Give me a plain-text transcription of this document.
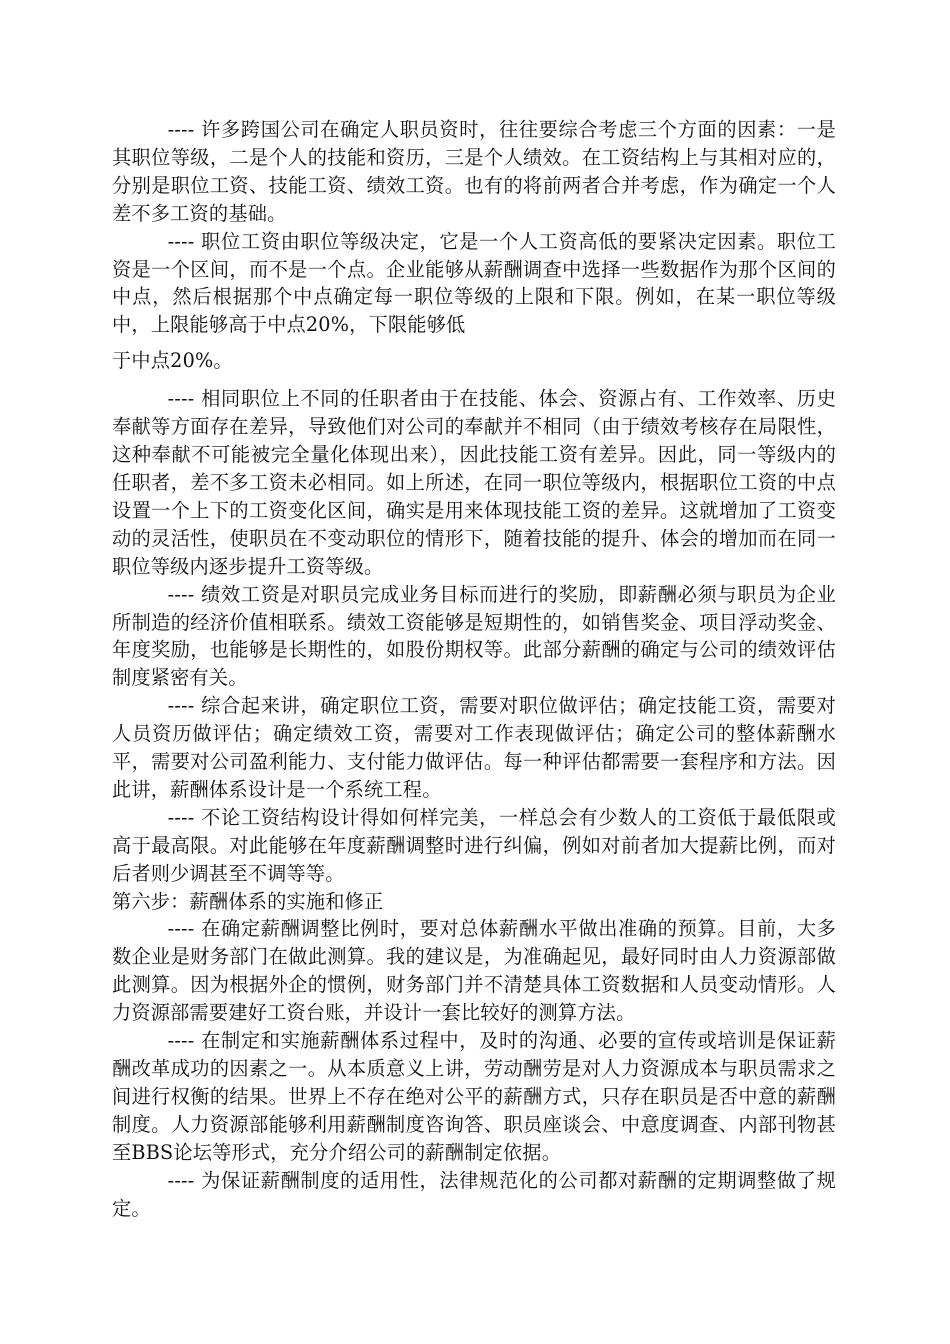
---- 许多跨国公司在确定人职员资时，往往要综合考虑三个方面的因素：一是其职位等级，二是个人的技能和资历，三是个人绩效。在工资结构上与其相对应的，分别是职位工资、技能工资、绩效工资。也有的将前两者合并考虑，作为确定一个人差不多工资的基础。

---- 职位工资由职位等级决定，它是一个人工资高低的要紧决定因素。职位工资是一个区间，而不是一个点。企业能够从薪酬调查中选择一些数据作为那个区间的中点，然后根据那个中点确定每一职位等级的上限和下限。例如，在某一职位等级中，上限能够高于中点20%，下限能够低

于中点20%。

---- 相同职位上不同的任职者由于在技能、体会、资源占有、工作效率、历史奉献等方面存在差异，导致他们对公司的奉献并不相同（由于绩效考核存在局限性，这种奉献不可能被完全量化体现出来），因此技能工资有差异。因此，同一等级内的任职者，差不多工资未必相同。如上所述，在同一职位等级内，根据职位工资的中点设置一个上下的工资变化区间，确实是用来体现技能工资的差异。这就增加了工资变动的灵活性，使职员在不变动职位的情形下，随着技能的提升、体会的增加而在同一职位等级内逐步提升工资等级。

---- 绩效工资是对职员完成业务目标而进行的奖励，即薪酬必须与职员为企业所制造的经济价值相联系。绩效工资能够是短期性的，如销售奖金、项目浮动奖金、年度奖励，也能够是长期性的，如股份期权等。此部分薪酬的确定与公司的绩效评估制度紧密有关。

---- 综合起来讲，确定职位工资，需要对职位做评估；确定技能工资，需要对人员资历做评估；确定绩效工资，需要对工作表现做评估；确定公司的整体薪酬水平，需要对公司盈利能力、支付能力做评估。每一种评估都需要一套程序和方法。因此讲，薪酬体系设计是一个系统工程。

---- 不论工资结构设计得如何样完美，一样总会有少数人的工资低于最低限或高于最高限。对此能够在年度薪酬调整时进行纠偏，例如对前者加大提薪比例，而对后者则少调甚至不调等等。

第六步：薪酬体系的实施和修正

---- 在确定薪酬调整比例时，要对总体薪酬水平做出准确的预算。目前，大多数企业是财务部门在做此测算。我的建议是，为准确起见，最好同时由人力资源部做此测算。因为根据外企的惯例，财务部门并不清楚具体工资数据和人员变动情形。人力资源部需要建好工资台账，并设计一套比较好的测算方法。

---- 在制定和实施薪酬体系过程中，及时的沟通、必要的宣传或培训是保证薪酬改革成功的因素之一。从本质意义上讲，劳动酬劳是对人力资源成本与职员需求之间进行权衡的结果。世界上不存在绝对公平的薪酬方式，只存在职员是否中意的薪酬制度。人力资源部能够利用薪酬制度咨询答、职员座谈会、中意度调查、内部刊物甚至BBS论坛等形式，充分介绍公司的薪酬制定依据。

---- 为保证薪酬制度的适用性，法律规范化的公司都对薪酬的定期调整做了规定。
